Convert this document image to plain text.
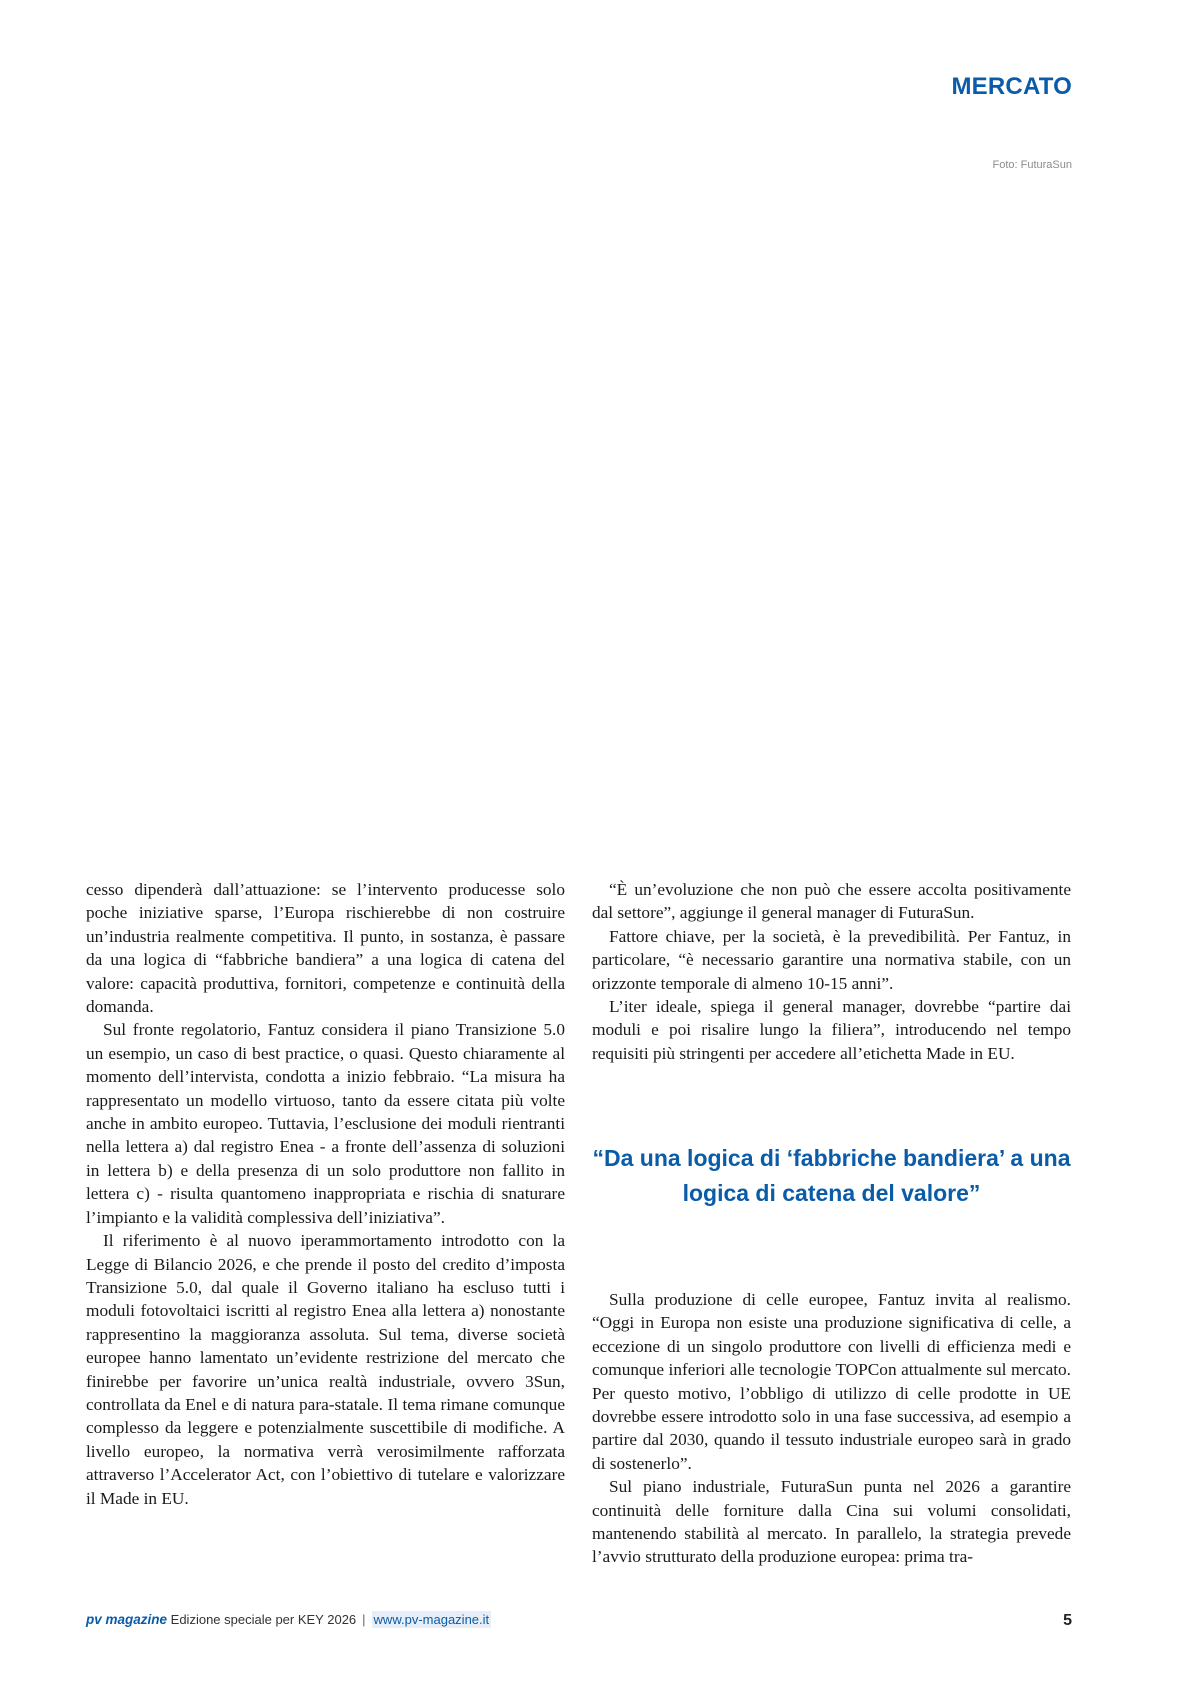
MERCATO
Foto: FuturaSun

cesso dipenderà dall’attuazione: se l’intervento producesse solo poche iniziative sparse, l’Europa rischierebbe di non costruire un’industria realmente competitiva. Il punto, in sostanza, è passare da una logica di “fabbriche bandiera” a una logica di catena del valore: capacità produttiva, fornitori, competenze e continuità della domanda.

Sul fronte regolatorio, Fantuz considera il piano Transizione 5.0 un esempio, un caso di best practice, o quasi. Questo chiaramente al momento dell’intervista, condotta a inizio febbraio. “La misura ha rappresentato un modello virtuoso, tanto da essere citata più volte anche in ambito europeo. Tuttavia, l’esclusione dei moduli rientranti nella lettera a) dal registro Enea - a fronte dell’assenza di soluzioni in lettera b) e della presenza di un solo produttore non fallito in lettera c) - risulta quantomeno inappropriata e rischia di snaturare l’impianto e la validità complessiva dell’iniziativa”.

Il riferimento è al nuovo iperammortamento introdotto con la Legge di Bilancio 2026, e che prende il posto del credito d’imposta Transizione 5.0, dal quale il Governo italiano ha escluso tutti i moduli fotovoltaici iscritti al registro Enea alla lettera a) nonostante rappresentino la maggioranza assoluta. Sul tema, diverse società europee hanno lamentato un’evidente restrizione del mercato che finirebbe per favorire un’unica realtà industriale, ovvero 3Sun, controllata da Enel e di natura para-statale. Il tema rimane comunque complesso da leggere e potenzialmente suscettibile di modifiche. A livello europeo, la normativa verrà verosimilmente rafforzata attraverso l’Accelerator Act, con l’obiettivo di tutelare e valorizzare il Made in EU.

“È un’evoluzione che non può che essere accolta positivamente dal settore”, aggiunge il general manager di FuturaSun.

Fattore chiave, per la società, è la prevedibilità. Per Fantuz, in particolare, “è necessario garantire una normativa stabile, con un orizzonte temporale di almeno 10-15 anni”.

L’iter ideale, spiega il general manager, dovrebbe “partire dai moduli e poi risalire lungo la filiera”, introducendo nel tempo requisiti più stringenti per accedere all’etichetta Made in EU.

“Da una logica di ‘fabbriche bandiera’ a una logica di catena del valore”

Sulla produzione di celle europee, Fantuz invita al realismo. “Oggi in Europa non esiste una produzione significativa di celle, a eccezione di un singolo produttore con livelli di efficienza medi e comunque inferiori alle tecnologie TOPCon attualmente sul mercato. Per questo motivo, l’obbligo di utilizzo di celle prodotte in UE dovrebbe essere introdotto solo in una fase successiva, ad esempio a partire dal 2030, quando il tessuto industriale europeo sarà in grado di sostenerlo”.

Sul piano industriale, FuturaSun punta nel 2026 a garantire continuità delle forniture dalla Cina sui volumi consolidati, mantenendo stabilità al mercato. In parallelo, la strategia prevede l’avvio strutturato della produzione europea: prima tra-

pv magazine Edizione speciale per KEY 2026 | www.pv-magazine.it	5
